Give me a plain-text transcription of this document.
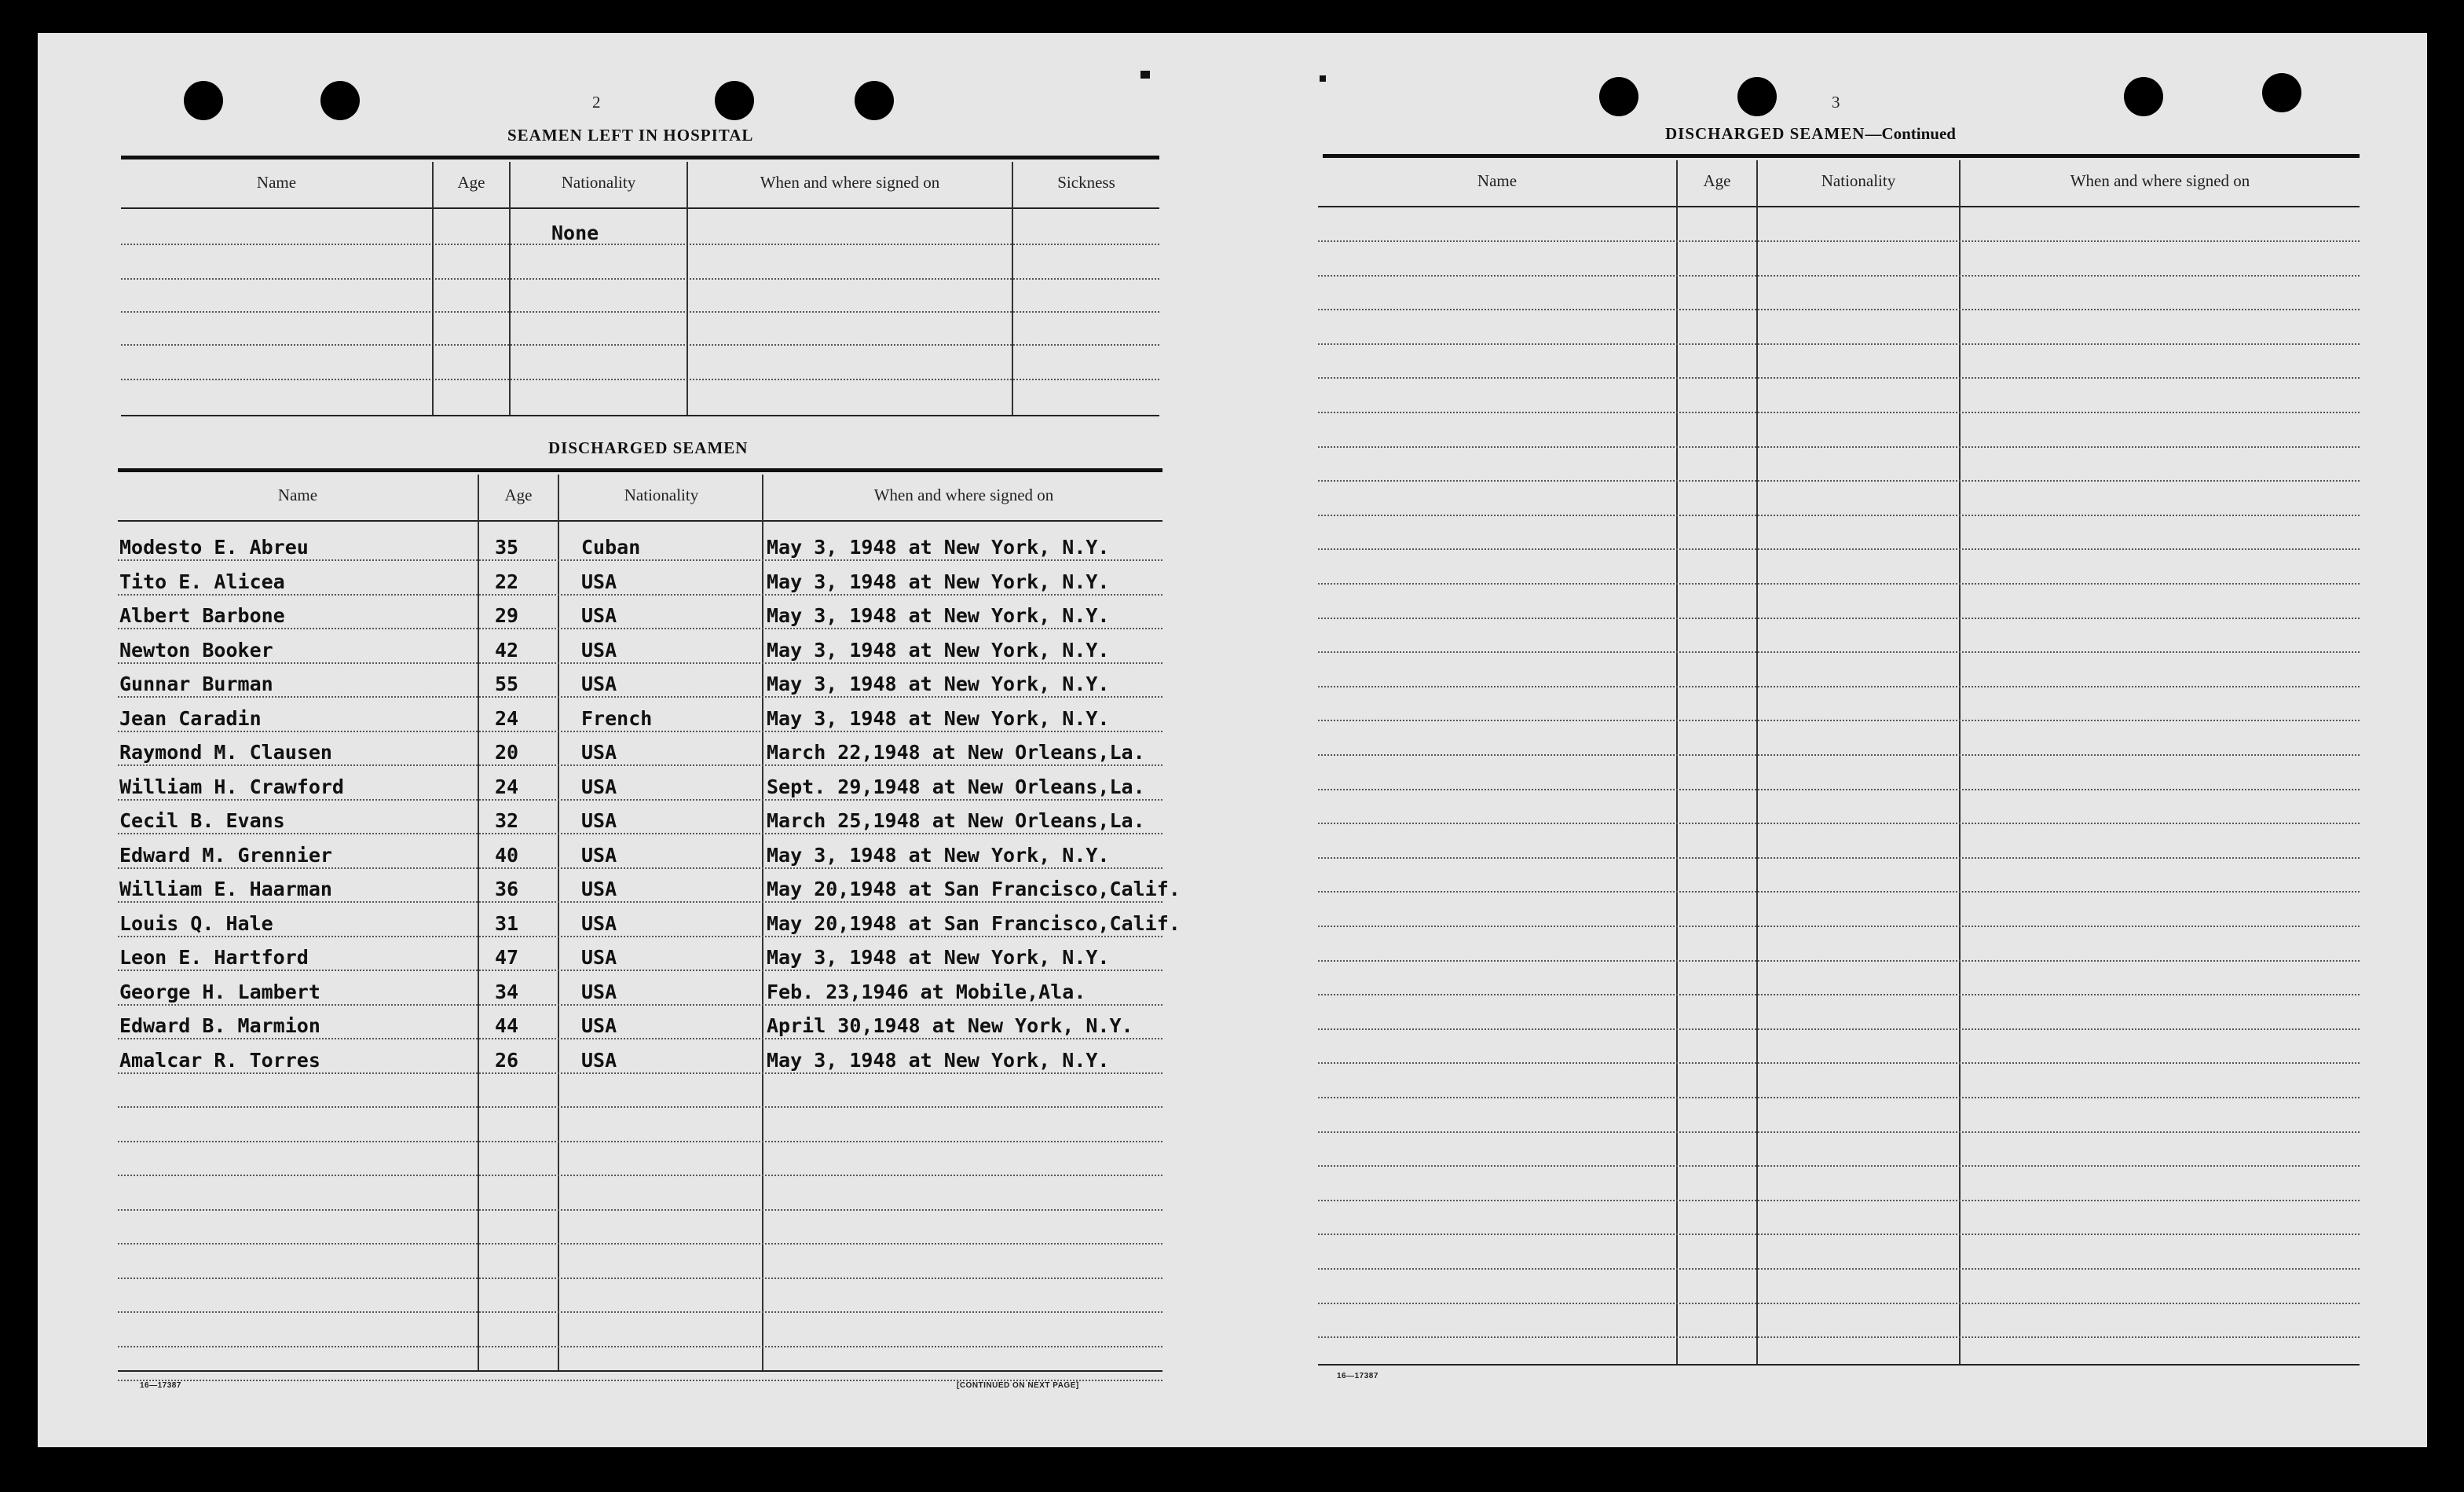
2
SEAMEN LEFT IN HOSPITAL
Name	Age	Nationality	When and where signed on	Sickness
None
DISCHARGED SEAMEN
Name	Age	Nationality	When and where signed on
Modesto E. Abreu	35	Cuban	May 3, 1948 at New York, N.Y.
Tito E. Alicea	22	USA	May 3, 1948 at New York, N.Y.
Albert Barbone	29	USA	May 3, 1948 at New York, N.Y.
Newton Booker	42	USA	May 3, 1948 at New York, N.Y.
Gunnar Burman	55	USA	May 3, 1948 at New York, N.Y.
Jean Caradin	24	French	May 3, 1948 at New York, N.Y.
Raymond M. Clausen	20	USA	March 22,1948 at New Orleans,La.
William H. Crawford	24	USA	Sept. 29,1948 at New Orleans,La.
Cecil B. Evans	32	USA	March 25,1948 at New Orleans,La.
Edward M. Grennier	40	USA	May 3, 1948 at New York, N.Y.
William E. Haarman	36	USA	May 20,1948 at San Francisco,Calif.
Louis Q. Hale	31	USA	May 20,1948 at San Francisco,Calif.
Leon E. Hartford	47	USA	May 3, 1948 at New York, N.Y.
George H. Lambert	34	USA	Feb. 23,1946 at Mobile,Ala.
Edward B. Marmion	44	USA	April 30,1948 at New York, N.Y.
Amalcar R. Torres	26	USA	May 3, 1948 at New York, N.Y.
16—17387	[CONTINUED ON NEXT PAGE]
3
DISCHARGED SEAMEN—Continued
Name	Age	Nationality	When and where signed on
16—17387
